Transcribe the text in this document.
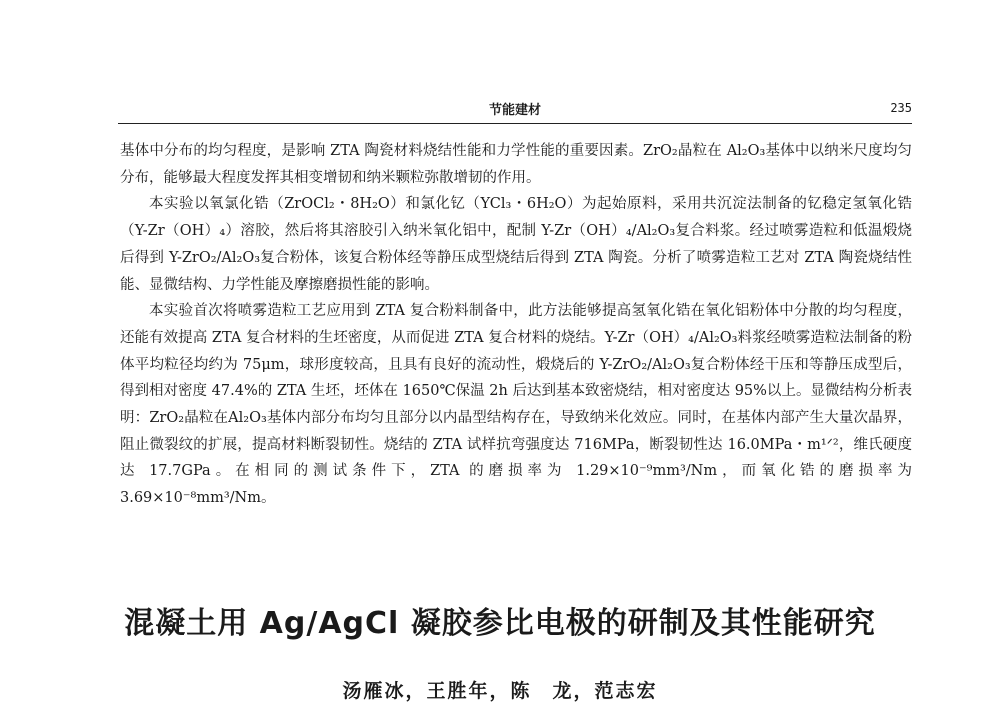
节能建材	235

基体中分布的均匀程度，是影响 ZTA 陶瓷材料烧结性能和力学性能的重要因素。ZrO₂晶粒在 Al₂O₃基体中以纳米尺度均匀分布，能够最大程度发挥其相变增韧和纳米颗粒弥散增韧的作用。

本实验以氧氯化锆（ZrOCl₂・8H₂O）和氯化钇（YCl₃・6H₂O）为起始原料，采用共沉淀法制备的钇稳定氢氧化锆（Y-Zr（OH）₄）溶胶，然后将其溶胶引入纳米氧化铝中，配制 Y-Zr（OH）₄/Al₂O₃复合料浆。经过喷雾造粒和低温煅烧后得到 Y-ZrO₂/Al₂O₃复合粉体，该复合粉体经等静压成型烧结后得到 ZTA 陶瓷。分析了喷雾造粒工艺对 ZTA 陶瓷烧结性能、显微结构、力学性能及摩擦磨损性能的影响。

本实验首次将喷雾造粒工艺应用到 ZTA 复合粉料制备中，此方法能够提高氢氧化锆在氧化铝粉体中分散的均匀程度，还能有效提高 ZTA 复合材料的生坯密度，从而促进 ZTA 复合材料的烧结。Y-Zr（OH）₄/Al₂O₃料浆经喷雾造粒法制备的粉体平均粒径均约为 75μm，球形度较高，且具有良好的流动性，煅烧后的 Y-ZrO₂/Al₂O₃复合粉体经干压和等静压成型后，得到相对密度 47.4%的 ZTA 生坯，坯体在 1650℃保温 2h 后达到基本致密烧结，相对密度达 95%以上。显微结构分析表明：ZrO₂晶粒在Al₂O₃基体内部分布均匀且部分以内晶型结构存在，导致纳米化效应。同时，在基体内部产生大量次晶界，阻止微裂纹的扩展，提高材料断裂韧性。烧结的 ZTA 试样抗弯强度达 716MPa，断裂韧性达 16.0MPa・m¹ᐟ²，维氏硬度达 17.7GPa。在相同的测试条件下，ZTA 的磨损率为 1.29×10⁻⁹mm³/Nm，而氧化锆的磨损率为 3.69×10⁻⁸mm³/Nm。

混凝土用 Ag/AgCl 凝胶参比电极的研制及其性能研究
汤雁冰，王胜年，陈　龙，范志宏
